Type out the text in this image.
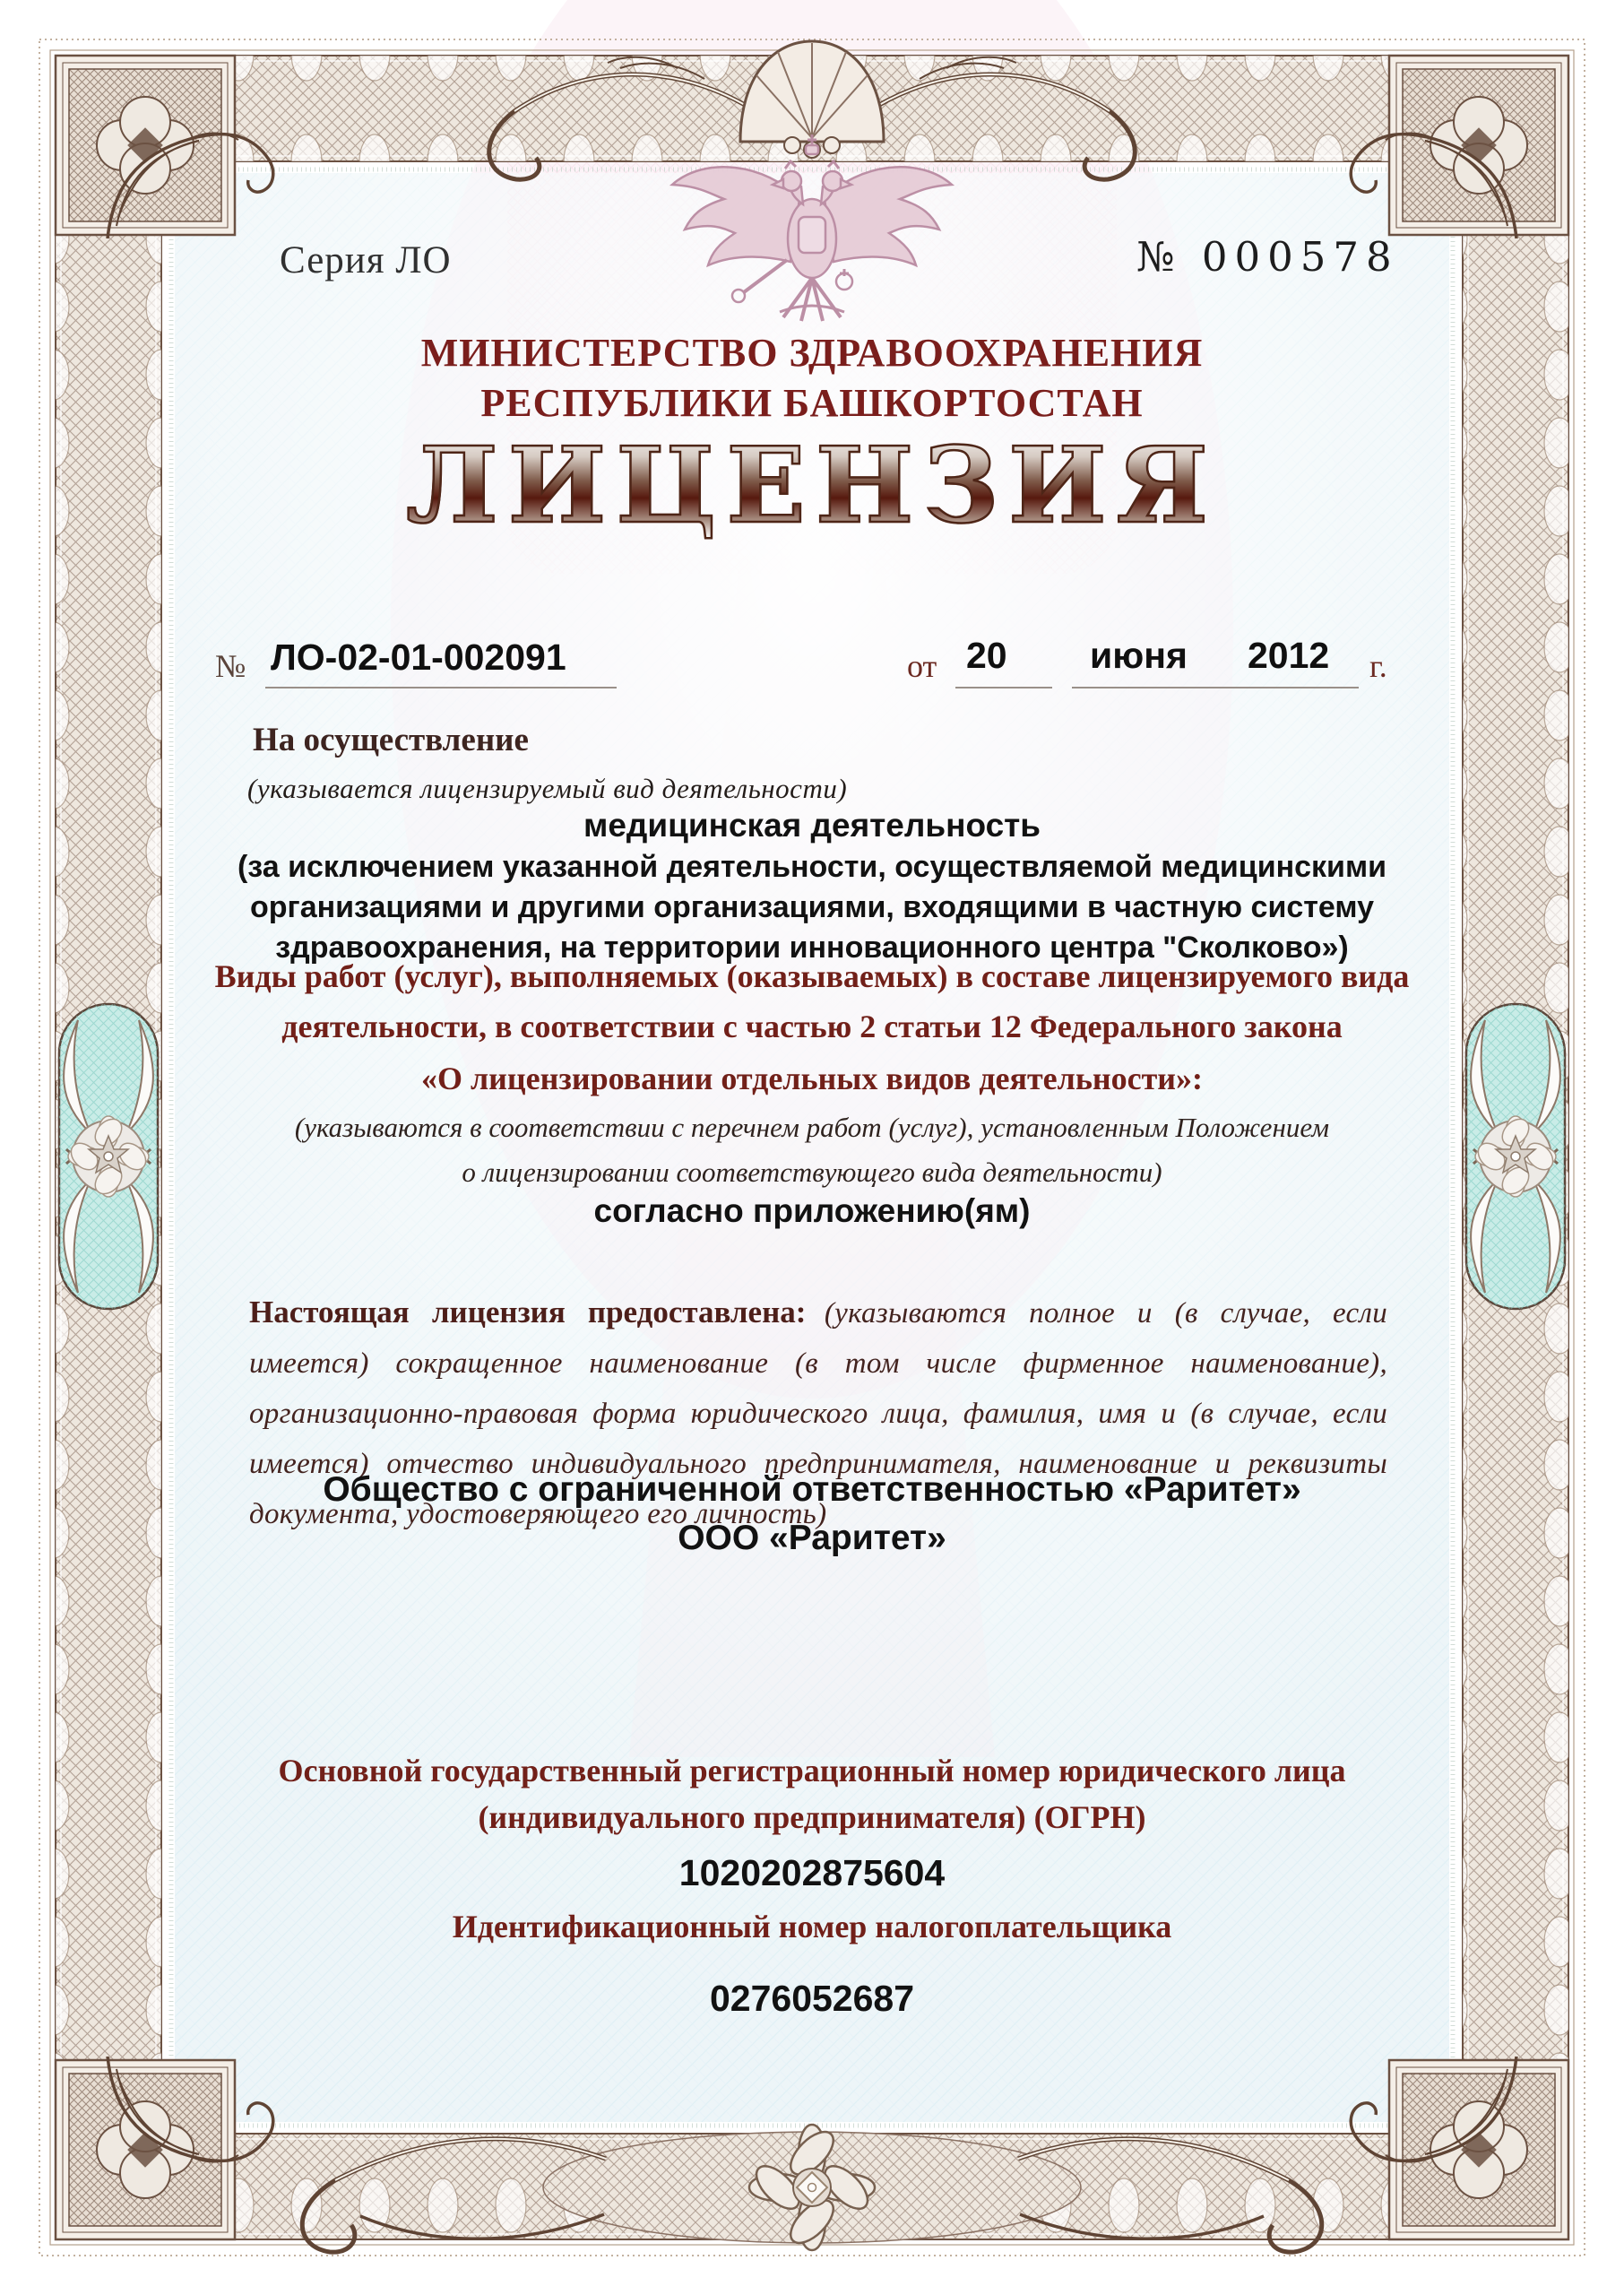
Серия ЛО	№ 000578
МИНИСТЕРСТВО ЗДРАВООХРАНЕНИЯ
РЕСПУБЛИКИ БАШКОРТОСТАН
ЛИЦЕНЗИЯ
№ ЛО-02-01-002091	от 20 июня 2012 г.
На осуществление
(указывается лицензируемый вид деятельности)
медицинская деятельность
(за исключением указанной деятельности, осуществляемой медицинскими
организациями и другими организациями, входящими в частную систему
здравоохранения, на территории инновационного центра "Сколково»)
Виды работ (услуг), выполняемых (оказываемых) в составе лицензируемого вида
деятельности, в соответствии с частью 2 статьи 12 Федерального закона
«О лицензировании отдельных видов деятельности»:
(указываются в соответствии с перечнем работ (услуг), установленным Положением
о лицензировании соответствующего вида деятельности)
согласно приложению(ям)
Настоящая лицензия предоставлена: (указываются полное и (в случае, если имеется) сокращенное наименование (в том числе фирменное наименование), организационно-правовая форма юридического лица, фамилия, имя и (в случае, если имеется) отчество индивидуального предпринимателя, наименование и реквизиты документа, удостоверяющего его личность)
Общество с ограниченной ответственностью «Раритет»
ООО «Раритет»
Основной государственный регистрационный номер юридического лица
(индивидуального предпринимателя) (ОГРН)
1020202875604
Идентификационный номер налогоплательщика
0276052687
